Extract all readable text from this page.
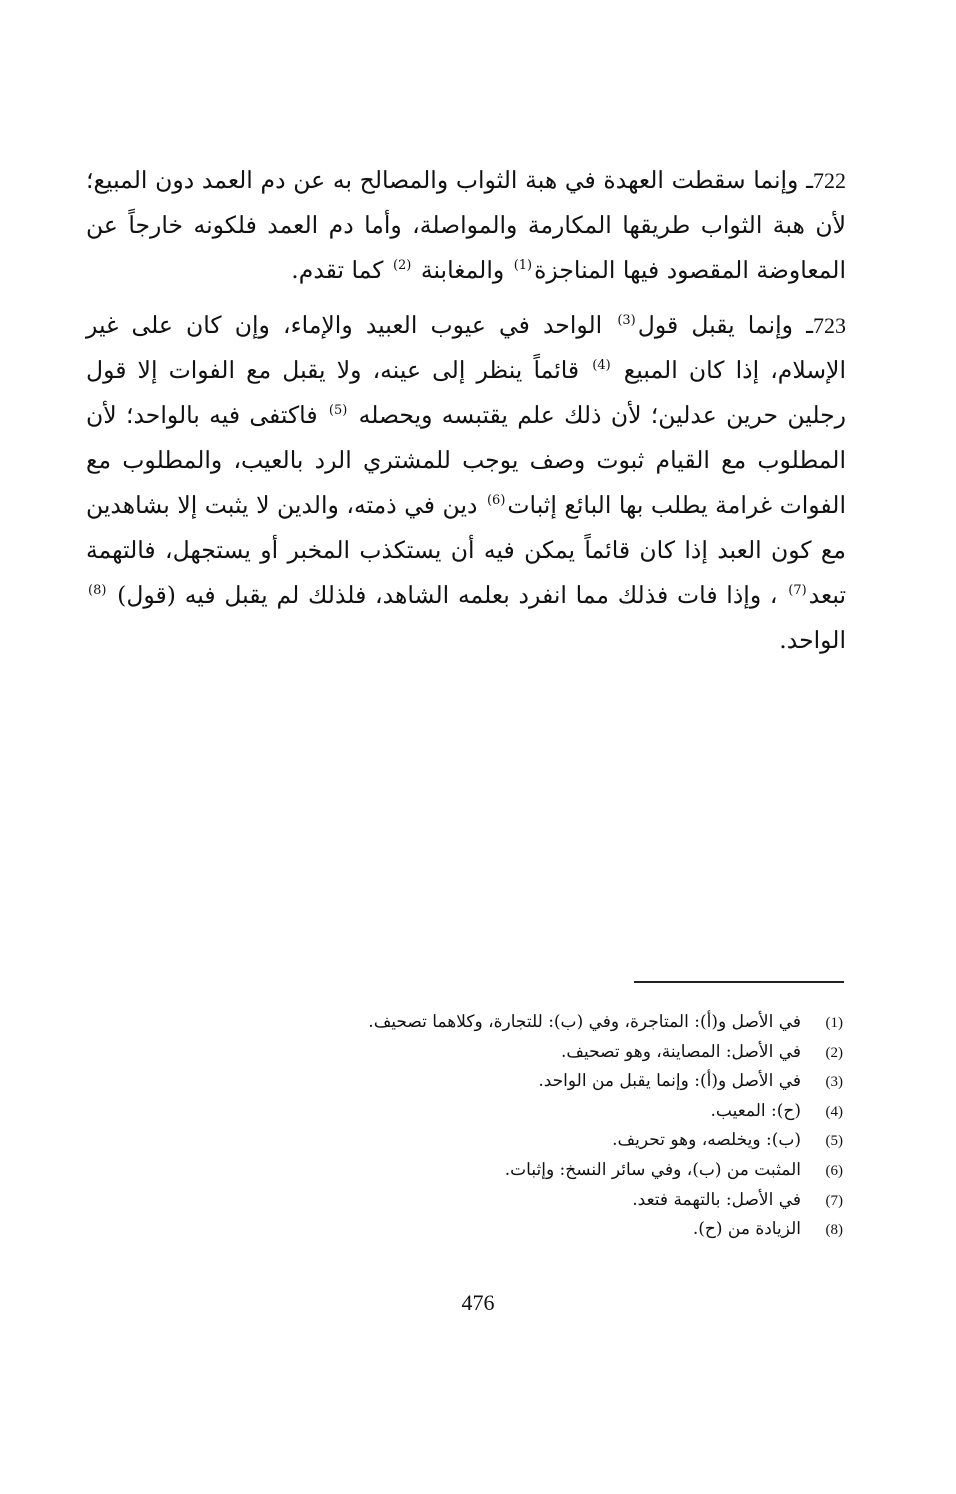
722ـ وإنما سقطت العهدة في هبة الثواب والمصالح به عن دم العمد دون المبيع؛ لأن هبة الثواب طريقها المكارمة والمواصلة، وأما دم العمد فلكونه خارجاً عن المعاوضة المقصود فيها المناجزة$^{(1)}$ والمغابنة $^{(2)}$ كما تقدم.

723ـ وإنما يقبل قول$^{(3)}$ الواحد في عيوب العبيد والإماء، وإن كان على غير الإسلام، إذا كان المبيع $^{(4)}$ قائماً ينظر إلى عينه، ولا يقبل مع الفوات إلا قول رجلين حرين عدلين؛ لأن ذلك علم يقتبسه ويحصله $^{(5)}$ فاكتفى فيه بالواحد؛ لأن المطلوب مع القيام ثبوت وصف يوجب للمشتري الرد بالعيب، والمطلوب مع الفوات غرامة يطلب بها البائع إثبات$^{(6)}$ دين في ذمته، والدين لا يثبت إلا بشاهدين مع كون العبد إذا كان قائماً يمكن فيه أن يستكذب المخبر أو يستجهل، فالتهمة تبعد$^{(7)}$ ، وإذا فات فذلك مما انفرد بعلمه الشاهد، فلذلك لم يقبل فيه (قول) $^{(8)}$ الواحد.

(1)في الأصل و(أ): المتاجرة، وفي (ب): للتجارة، وكلاهما تصحيف.
(2)في الأصل: المصاينة، وهو تصحيف.
(3)في الأصل و(أ): وإنما يقبل من الواحد.
(4)(ح): المعيب.
(5)(ب): ويخلصه، وهو تحريف.
(6)المثبت من (ب)، وفي سائر النسخ: وإثبات.
(7)في الأصل: بالتهمة فتعد.
(8)الزيادة من (ح).
476
